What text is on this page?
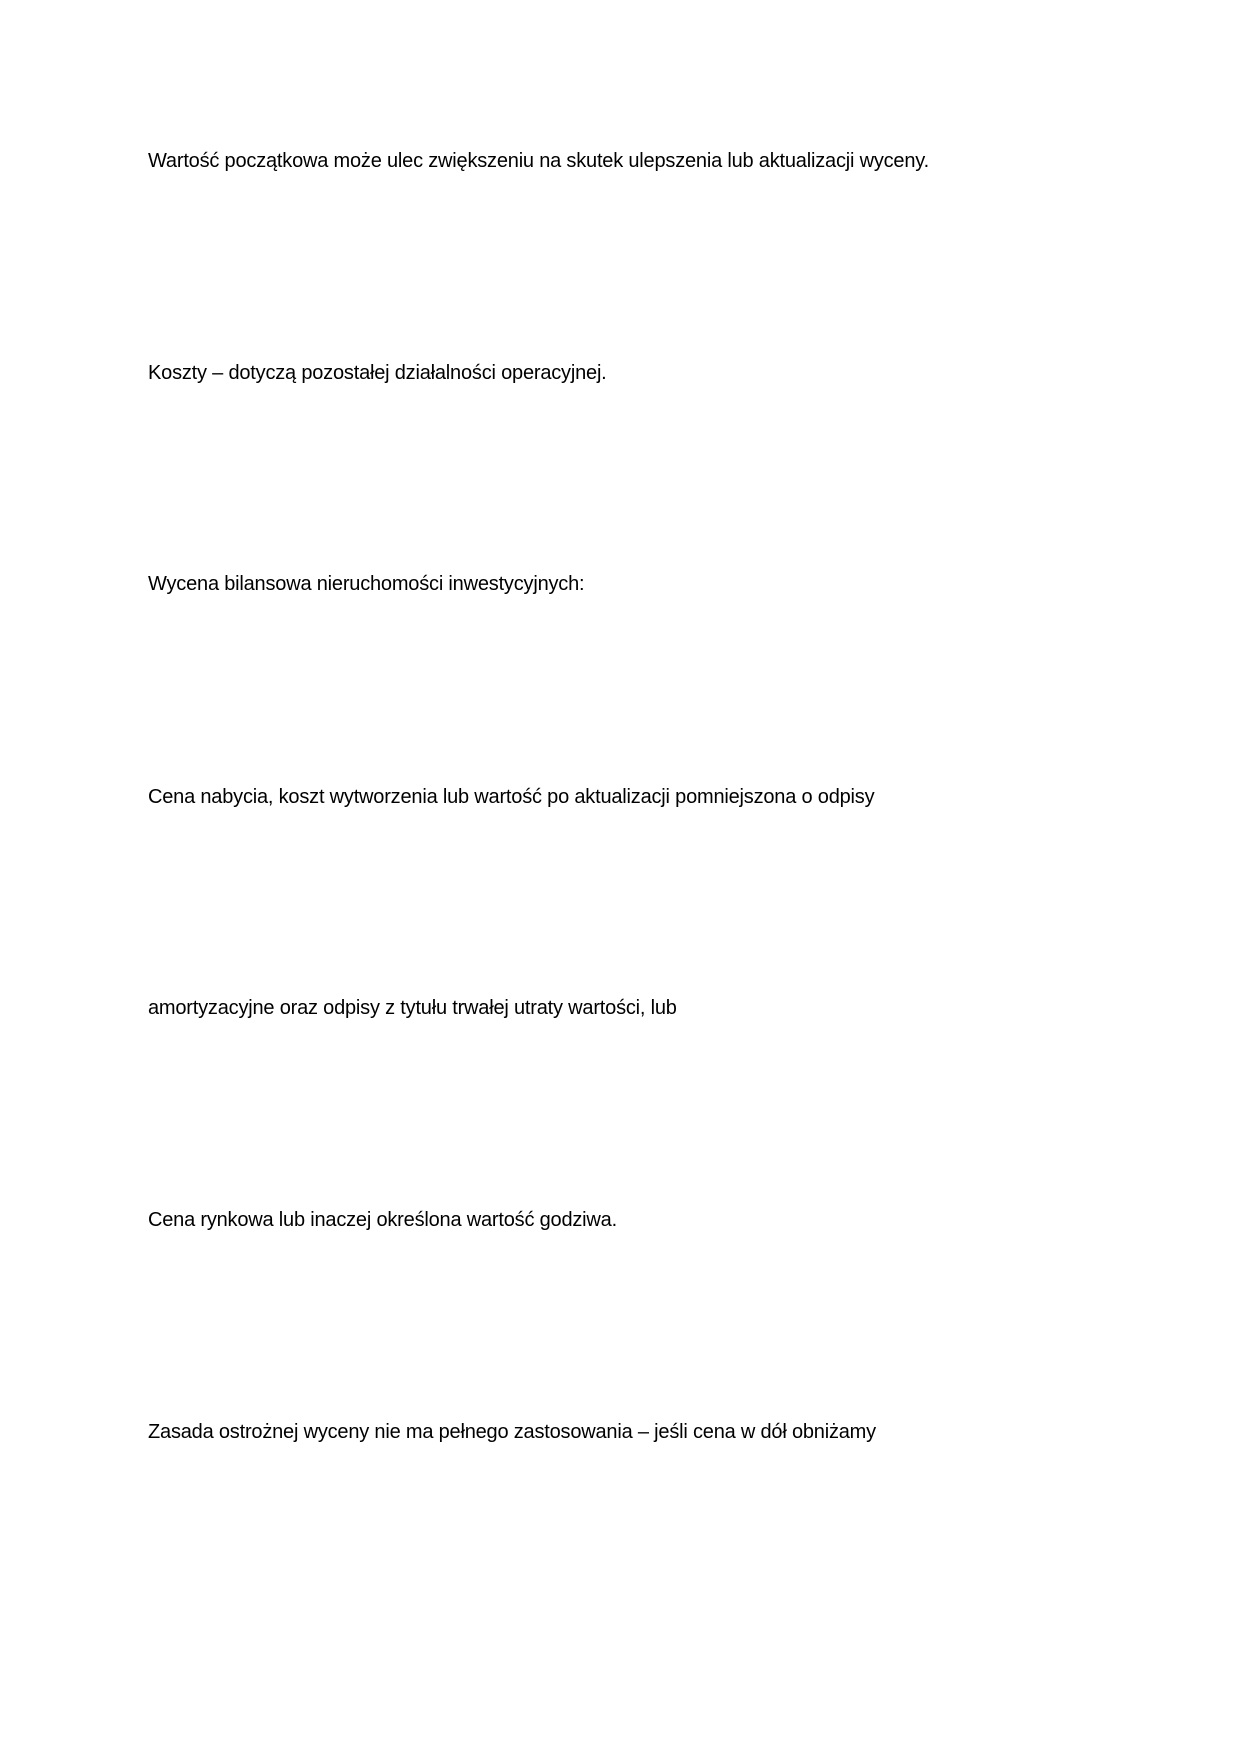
Wartość początkowa może ulec zwiększeniu na skutek ulepszenia lub aktualizacji wyceny.

Koszty – dotyczą pozostałej działalności operacyjnej.

Wycena bilansowa nieruchomości inwestycyjnych:

Cena nabycia, koszt wytworzenia lub wartość po aktualizacji pomniejszona o odpisy

amortyzacyjne oraz odpisy z tytułu trwałej utraty wartości, lub

Cena rynkowa lub inaczej określona wartość godziwa.

Zasada ostrożnej wyceny nie ma pełnego zastosowania – jeśli cena w dół obniżamy
